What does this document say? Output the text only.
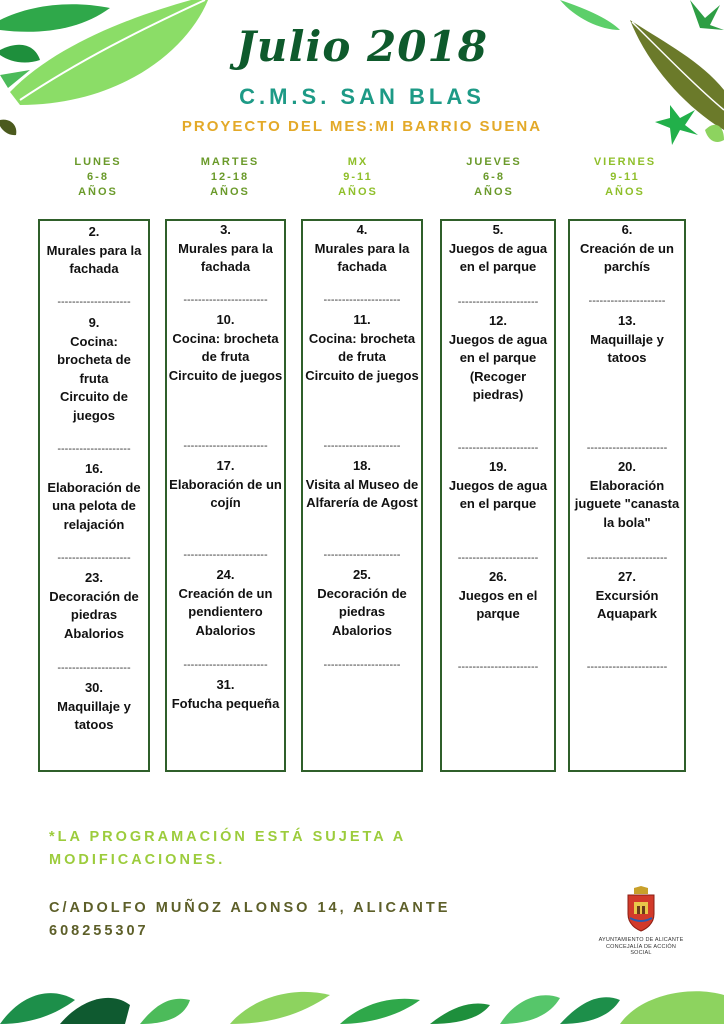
Julio 2018
C.M.S. SAN BLAS
PROYECTO DEL MES:MI BARRIO SUENA
LUNES
6-8
AÑOS
MARTES
12-18
AÑOS
MX
9-11
AÑOS
JUEVES
6-8
AÑOS
VIERNES
9-11
AÑOS
2.
Murales para la
fachada
--------------------
9.
Cocina:
brocheta de
fruta
Circuito de
juegos
--------------------
16.
Elaboración de
una pelota de
relajación
--------------------
23.
Decoración de
piedras
Abalorios
--------------------
30.
Maquillaje y
tatoos
3.
Murales para la
fachada
-----------------------
10.
Cocina: brocheta
de fruta
Circuito de juegos
-----------------------
17.
Elaboración de un
cojín
-----------------------
24.
Creación de un
pendientero
Abalorios
-----------------------
31.
Fofucha pequeña
4.
Murales para la
fachada
---------------------
11.
Cocina: brocheta
de fruta
Circuito de juegos
---------------------
18.
Visita al Museo de
Alfarería de Agost
---------------------
25.
Decoración de
piedras
Abalorios
---------------------
5.
Juegos de agua
en el parque
----------------------
12.
Juegos de agua
en el parque
(Recoger
piedras)
----------------------
19.
Juegos de agua
en el parque
----------------------
26.
Juegos en el
parque
----------------------
6.
Creación de un
parchís
---------------------
13.
Maquillaje y
tatoos
----------------------
20.
Elaboración
juguete "canasta
la bola"
----------------------
27.
Excursión
Aquapark
----------------------
*LA PROGRAMACIÓN ESTÁ SUJETA A
MODIFICACIONES.
C/ADOLFO MUÑOZ ALONSO 14, ALICANTE
608255307
AYUNTAMIENTO DE ALICANTE
CONCEJALÍA DE ACCIÓN SOCIAL
